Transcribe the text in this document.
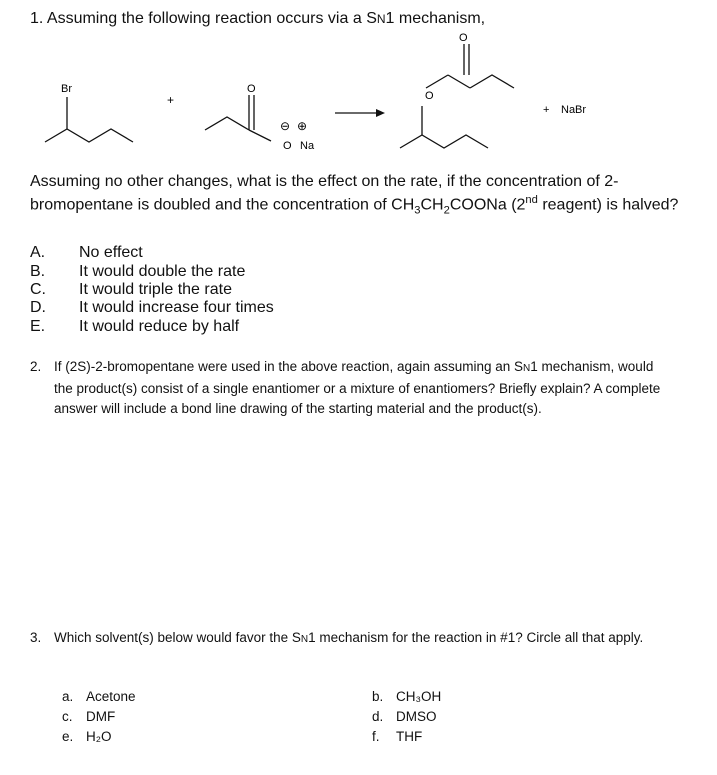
1. Assuming the following reaction occurs via a SN1 mechanism,
Br
+
O
⊖ ⊕
O Na
O
O
+ NaBr
Assuming no other changes, what is the effect on the rate, if the concentration of 2-bromopentane is doubled and the concentration of $CH_3CH_2COONa$ (2nd reagent) is halved?
A. No effect
B. It would double the rate
C. It would triple the rate
D. It would increase four times
E. It would reduce by half
2. If (2S)-2-bromopentane were used in the above reaction, again assuming an SN1 mechanism, would the product(s) consist of a single enantiomer or a mixture of enantiomers? Briefly explain? A complete answer will include a bond line drawing of the starting material and the product(s).
3. Which solvent(s) below would favor the SN1 mechanism for the reaction in #1? Circle all that apply.
a. Acetone	b. CH₃OH
c. DMF	d. DMSO
e. H₂O	f. THF
